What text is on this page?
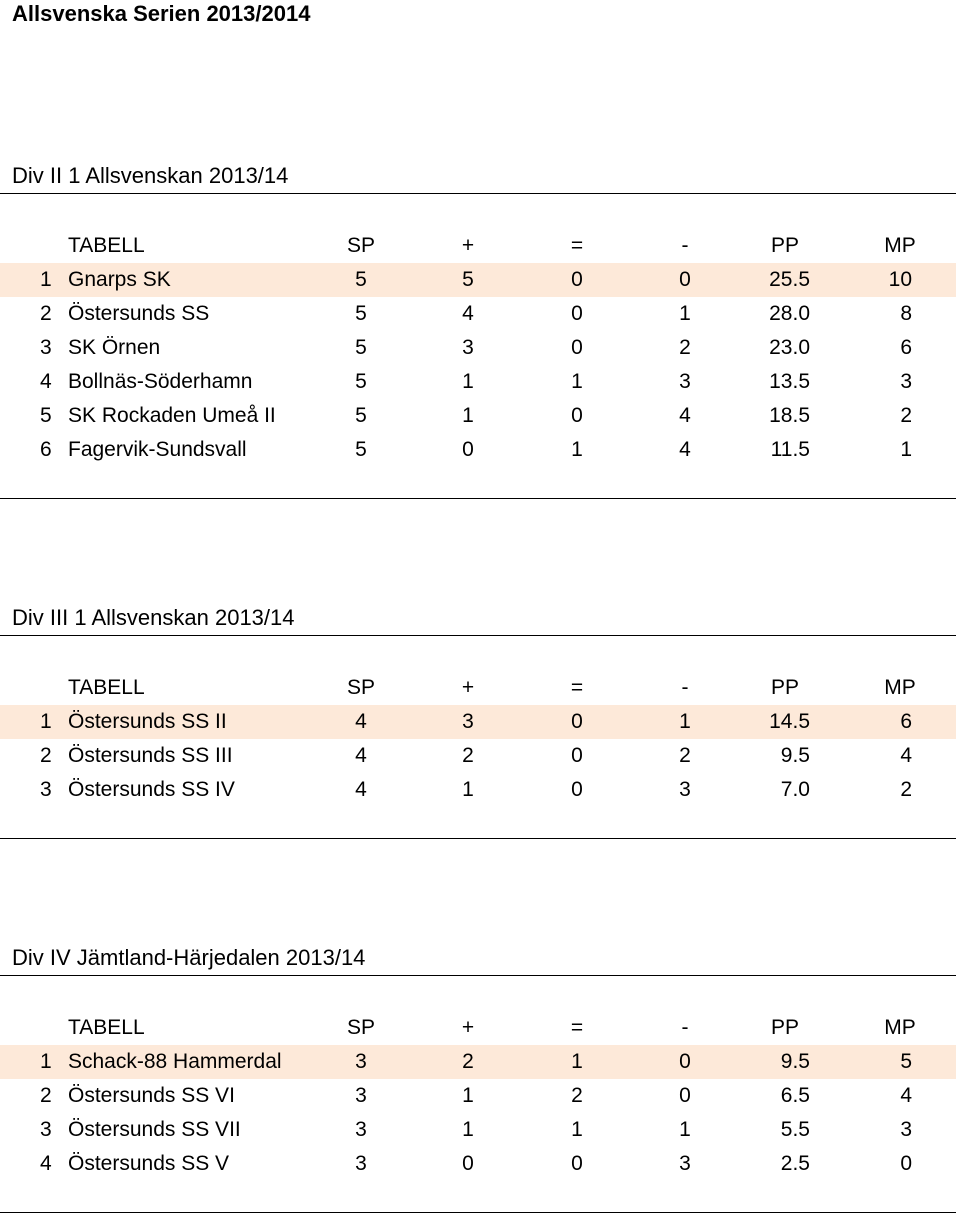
Allsvenska Serien 2013/2014
Div II 1 Allsvenskan 2013/14
TABELL	SP	+	=	-	PP	MP
1 Gnarps SK	5	5	0	0	25.5	10
2 Östersunds SS	5	4	0	1	28.0	8
3 SK Örnen	5	3	0	2	23.0	6
4 Bollnäs-Söderhamn	5	1	1	3	13.5	3
5 SK Rockaden Umeå II	5	1	0	4	18.5	2
6 Fagervik-Sundsvall	5	0	1	4	11.5	1
Div III 1 Allsvenskan 2013/14
TABELL	SP	+	=	-	PP	MP
1 Östersunds SS II	4	3	0	1	14.5	6
2 Östersunds SS III	4	2	0	2	9.5	4
3 Östersunds SS IV	4	1	0	3	7.0	2
Div IV Jämtland-Härjedalen 2013/14
TABELL	SP	+	=	-	PP	MP
1 Schack-88 Hammerdal	3	2	1	0	9.5	5
2 Östersunds SS VI	3	1	2	0	6.5	4
3 Östersunds SS VII	3	1	1	1	5.5	3
4 Östersunds SS V	3	0	0	3	2.5	0
